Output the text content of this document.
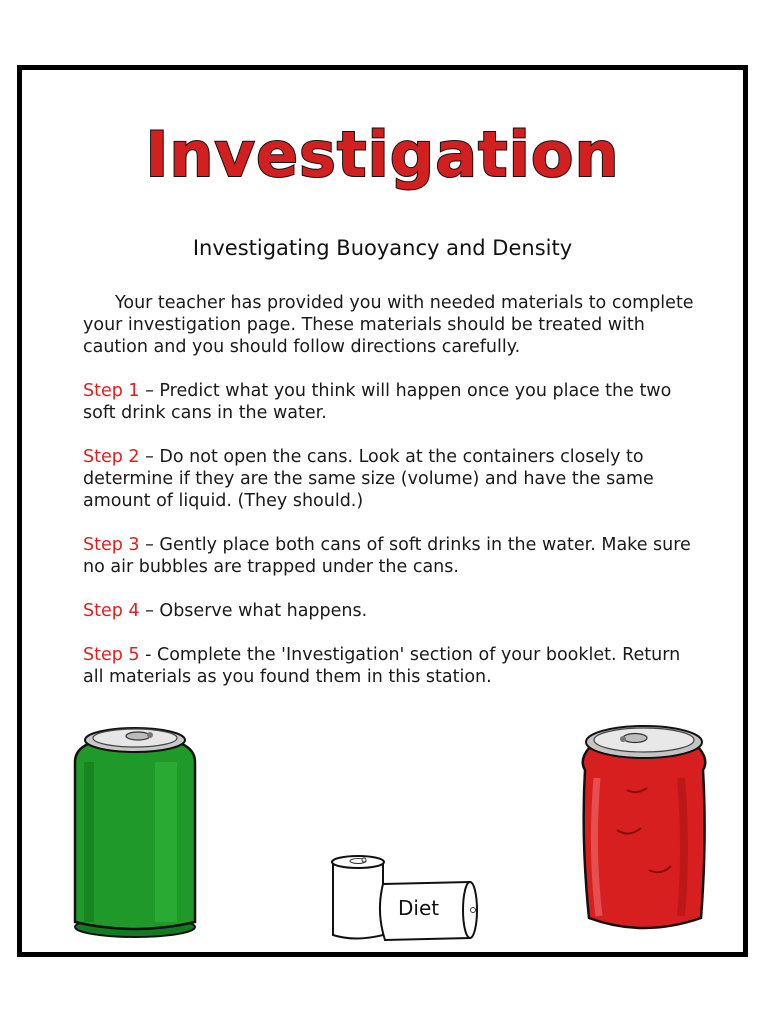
Investigation
Investigating Buoyancy and Density
Your teacher has provided you with needed materials to complete your investigation page. These materials should be treated with caution and you should follow directions carefully.
Step 1 – Predict what you think will happen once you place the two soft drink cans in the water.
Step 2 – Do not open the cans. Look at the containers closely to determine if they are the same size (volume) and have the same amount of liquid. (They should.)
Step 3 – Gently place both cans of soft drinks in the water. Make sure no air bubbles are trapped under the cans.
Step 4 – Observe what happens.
Step 5 - Complete the 'Investigation' section of your booklet. Return all materials as you found them in this station.
Diet
